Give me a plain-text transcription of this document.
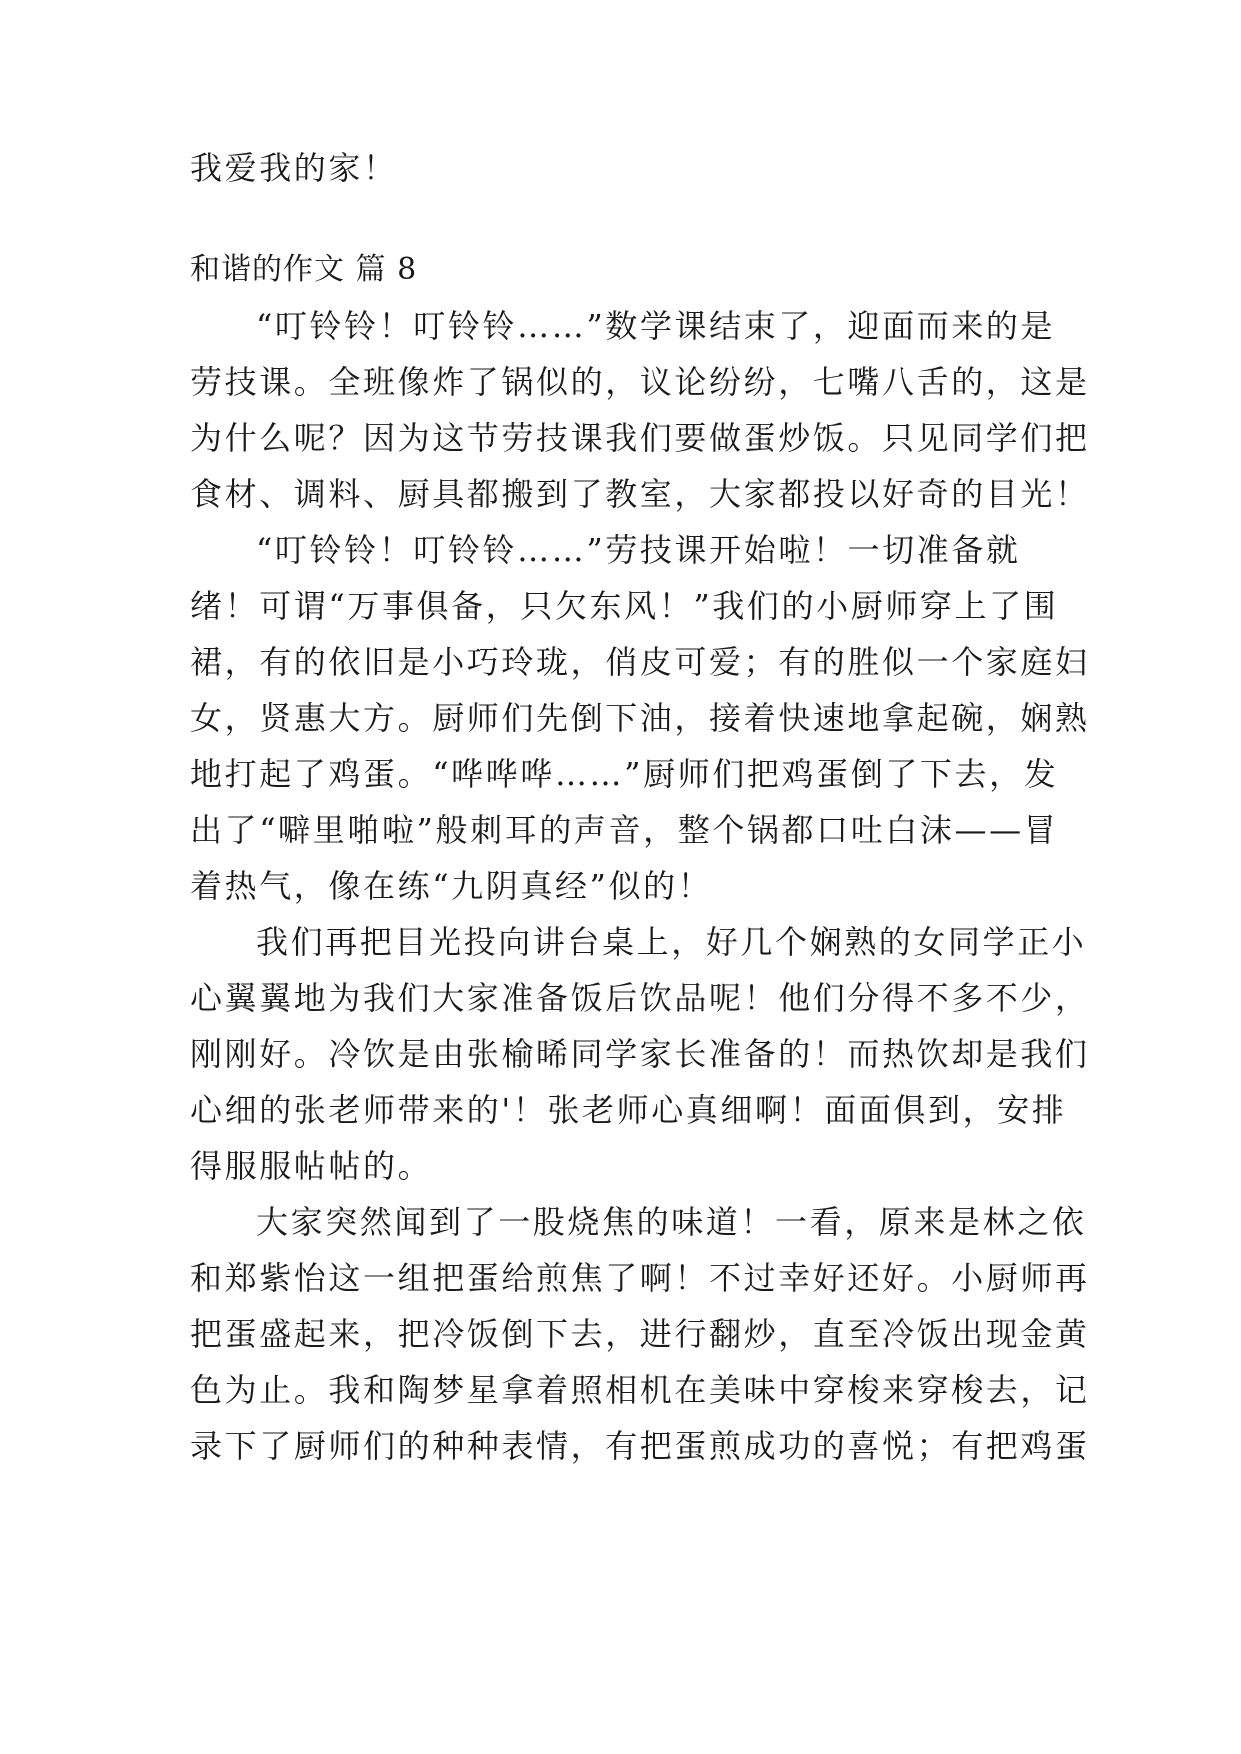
我爱我的家！
和谐的作文 篇 8
“叮铃铃！叮铃铃……”数学课结束了，迎面而来的是
劳技课。全班像炸了锅似的，议论纷纷，七嘴八舌的，这是
为什么呢？因为这节劳技课我们要做蛋炒饭。只见同学们把
食材、调料、厨具都搬到了教室，大家都投以好奇的目光！
“叮铃铃！叮铃铃……”劳技课开始啦！一切准备就
绪！可谓“万事俱备，只欠东风！”我们的小厨师穿上了围
裙，有的依旧是小巧玲珑，俏皮可爱；有的胜似一个家庭妇
女，贤惠大方。厨师们先倒下油，接着快速地拿起碗，娴熟
地打起了鸡蛋。“哗哗哗……”厨师们把鸡蛋倒了下去，发
出了“噼里啪啦”般刺耳的声音，整个锅都口吐白沫——冒
着热气，像在练“九阴真经”似的！
我们再把目光投向讲台桌上，好几个娴熟的女同学正小
心翼翼地为我们大家准备饭后饮品呢！他们分得不多不少，
刚刚好。冷饮是由张榆晞同学家长准备的！而热饮却是我们
心细的张老师带来的'！张老师心真细啊！面面俱到，安排
得服服帖帖的。
大家突然闻到了一股烧焦的味道！一看，原来是林之依
和郑紫怡这一组把蛋给煎焦了啊！不过幸好还好。小厨师再
把蛋盛起来，把冷饭倒下去，进行翻炒，直至冷饭出现金黄
色为止。我和陶梦星拿着照相机在美味中穿梭来穿梭去，记
录下了厨师们的种种表情，有把蛋煎成功的喜悦；有把鸡蛋
